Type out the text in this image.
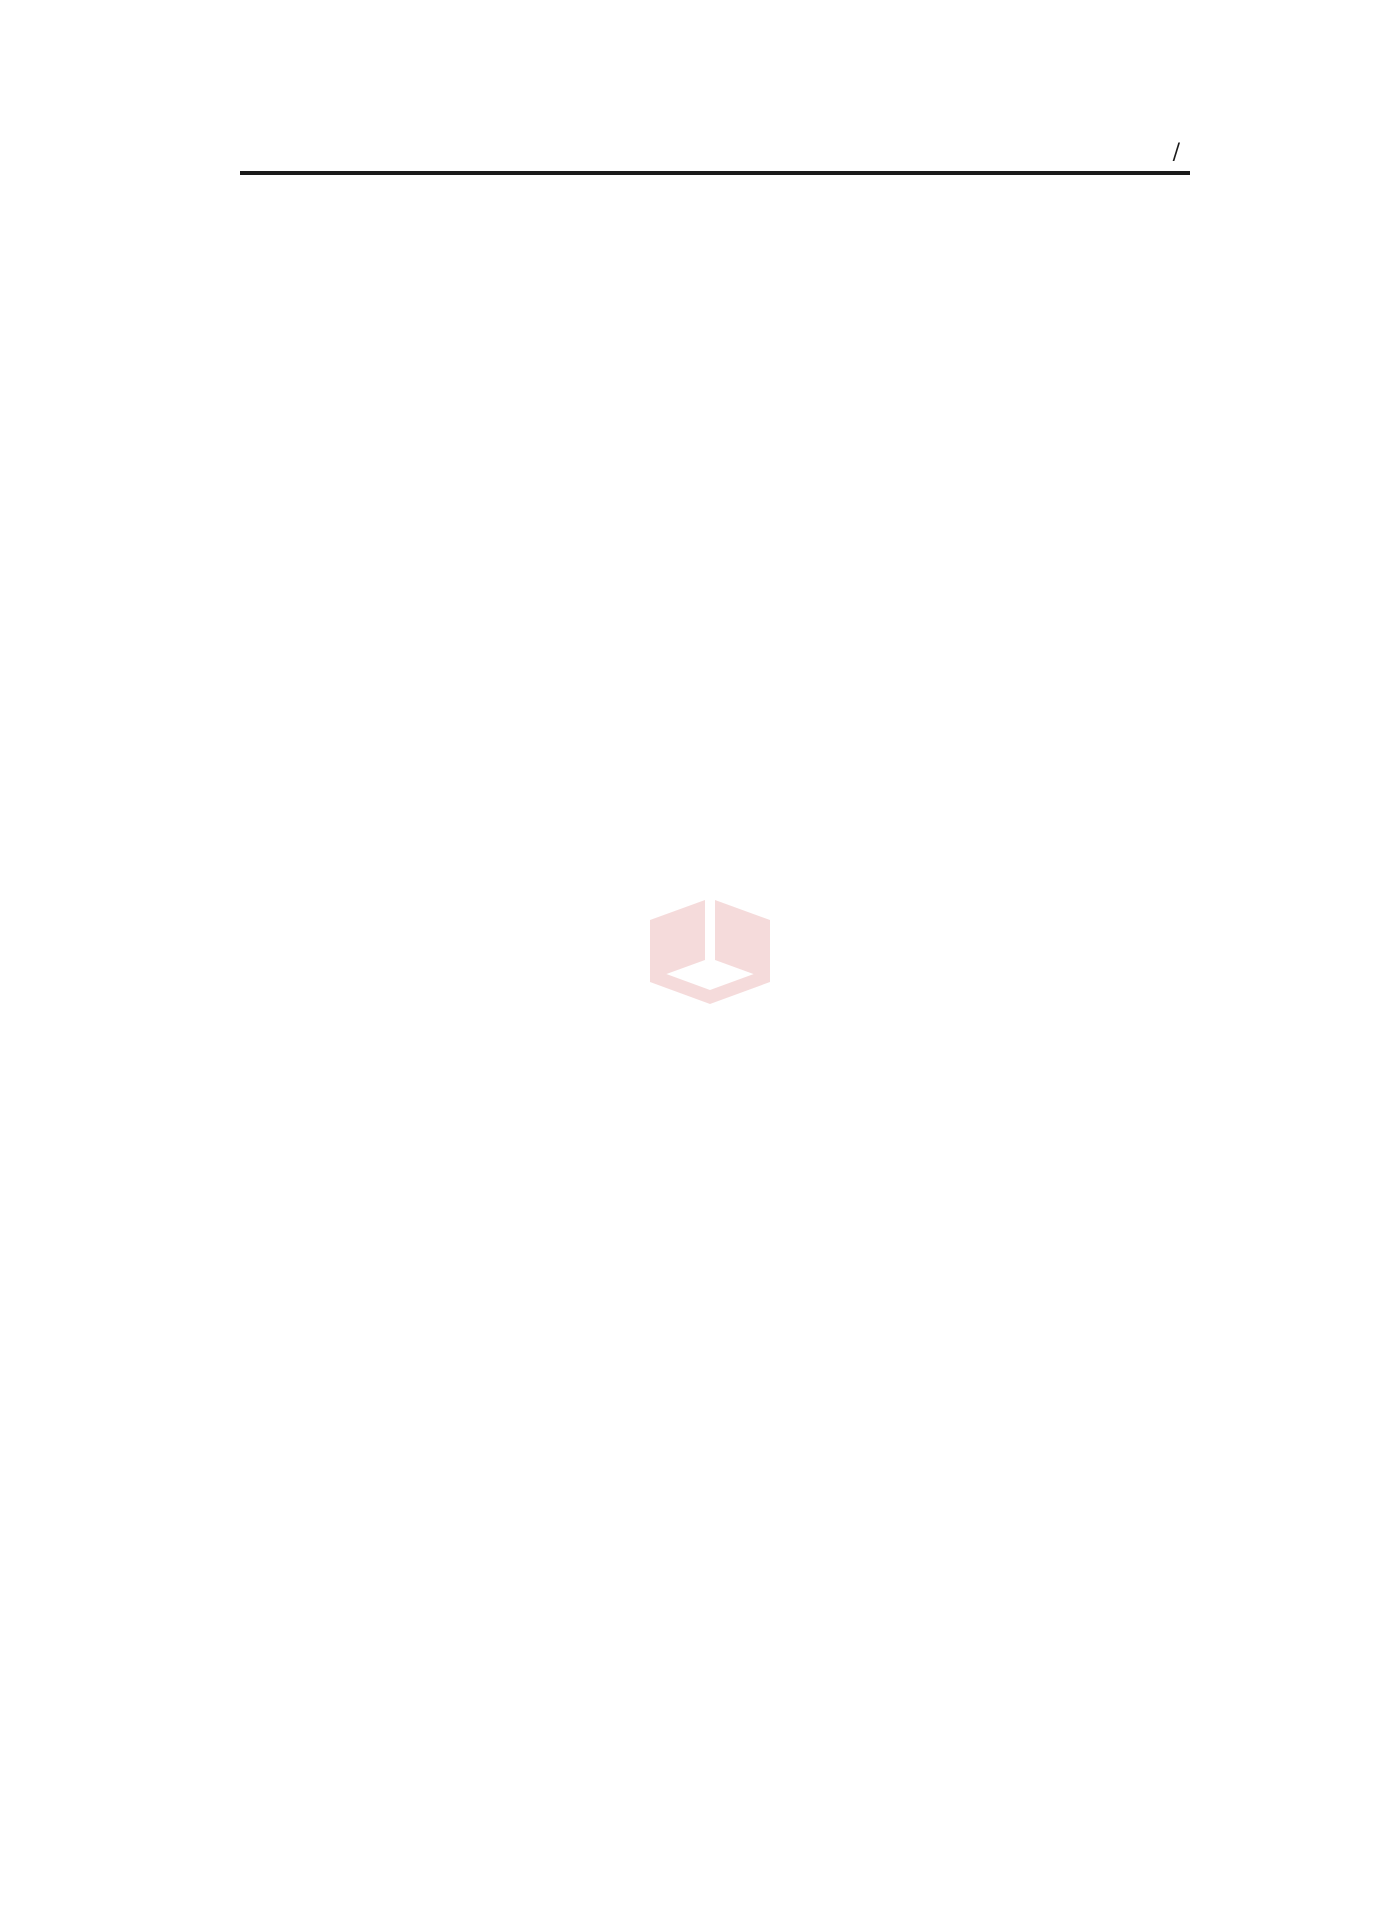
/
